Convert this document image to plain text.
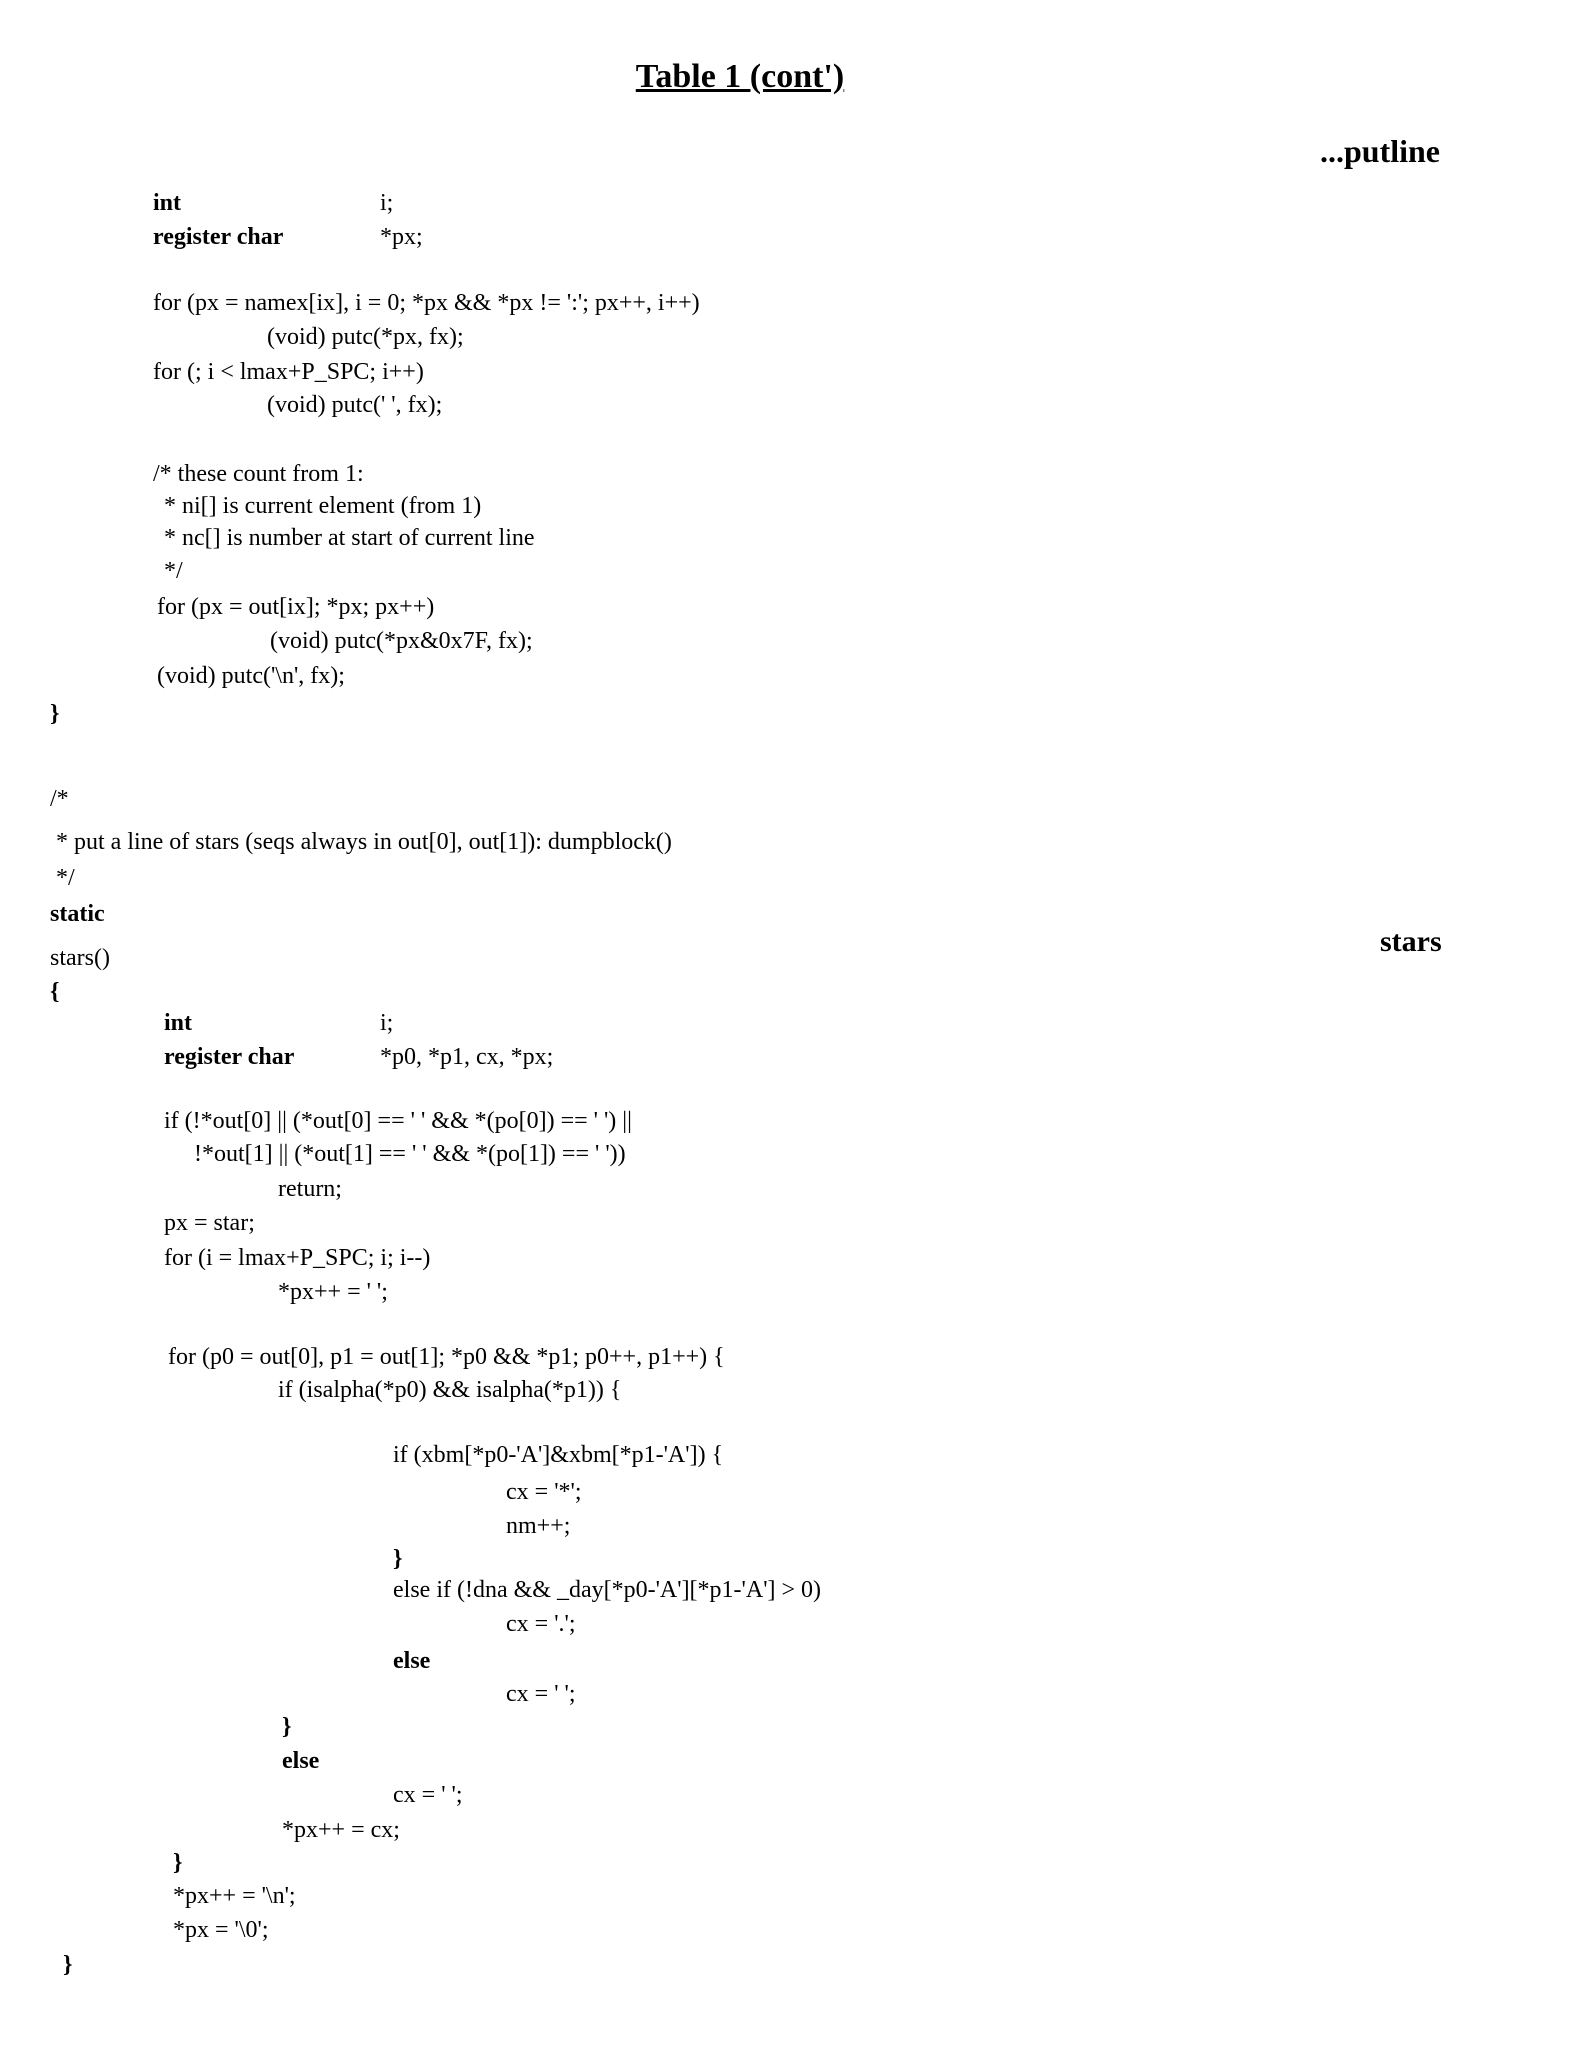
Table 1 (cont')
...putline
stars
int	i;
register char	*px;
for (px = namex[ix], i = 0; *px && *px != ':'; px++, i++)
(void) putc(*px, fx);
for (; i < lmax+P_SPC; i++)
(void) putc(' ', fx);
/* these count from 1:
* ni[] is current element (from 1)
* nc[] is number at start of current line
*/
for (px = out[ix]; *px; px++)
(void) putc(*px&0x7F, fx);
(void) putc('\n', fx);
}
/*
* put a line of stars (seqs always in out[0], out[1]): dumpblock()
*/
static
stars()
{
int	i;
register char	*p0, *p1, cx, *px;
if (!*out[0] || (*out[0] == ' ' && *(po[0]) == ' ') ||
!*out[1] || (*out[1] == ' ' && *(po[1]) == ' '))
return;
px = star;
for (i = lmax+P_SPC; i; i--)
*px++ = ' ';
for (p0 = out[0], p1 = out[1]; *p0 && *p1; p0++, p1++) {
if (isalpha(*p0) && isalpha(*p1)) {
if (xbm[*p0-'A']&xbm[*p1-'A']) {
cx = '*';
nm++;
}
else if (!dna && _day[*p0-'A'][*p1-'A'] > 0)
cx = '.';
else
cx = ' ';
}
else
cx = ' ';
*px++ = cx;
}
*px++ = '\n';
*px = '\0';
}
